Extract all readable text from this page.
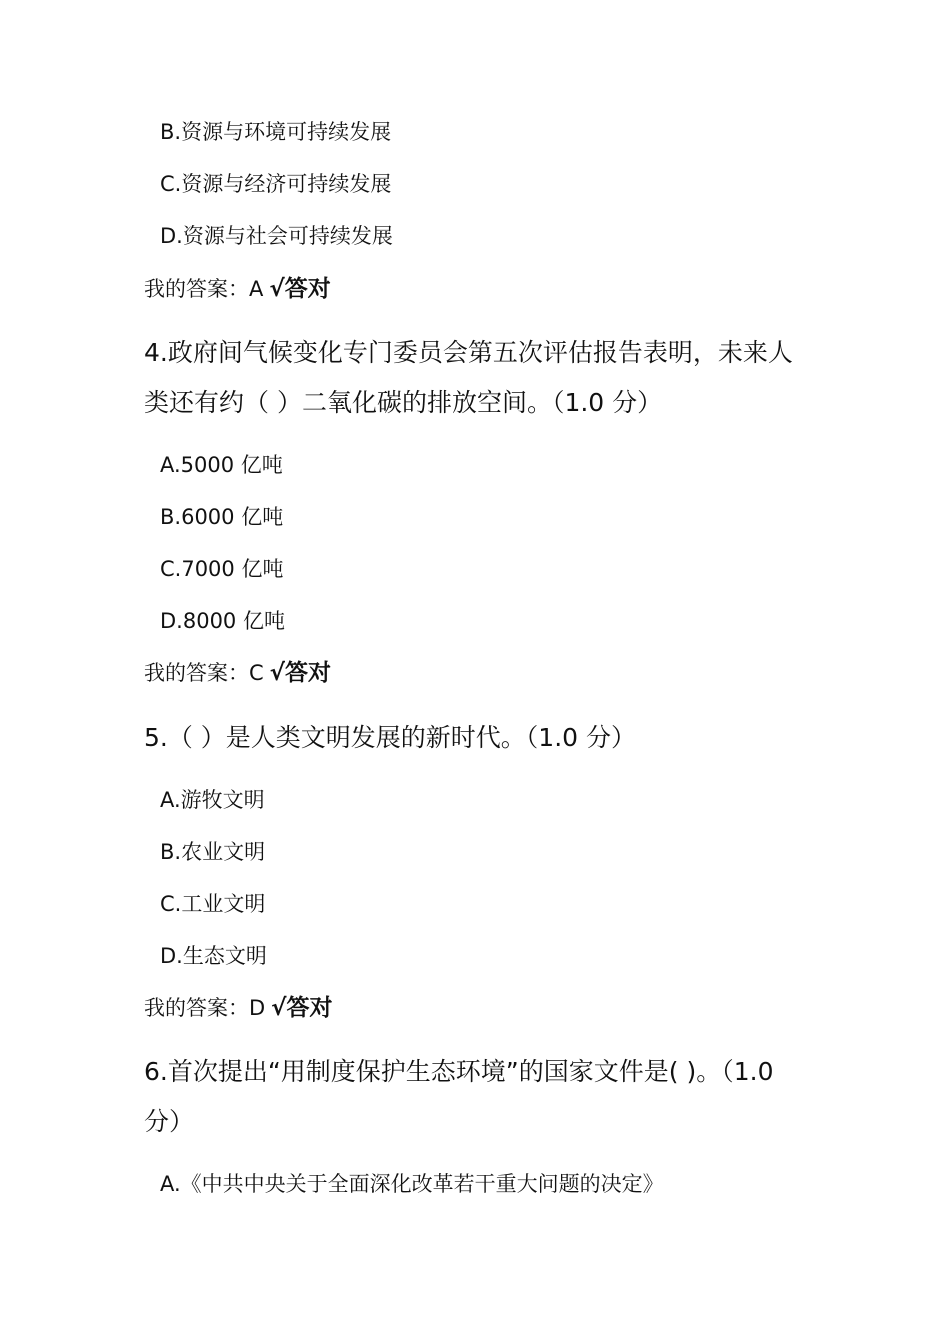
B.资源与环境可持续发展
C.资源与经济可持续发展
D.资源与社会可持续发展
我的答案：A √答对
4.政府间气候变化专门委员会第五次评估报告表明，未来人
类还有约（ ）二氧化碳的排放空间。（1.0 分）
A.5000 亿吨
B.6000 亿吨
C.7000 亿吨
D.8000 亿吨
我的答案：C √答对
5.（ ）是人类文明发展的新时代。（1.0 分）
A.游牧文明
B.农业文明
C.工业文明
D.生态文明
我的答案：D √答对
6.首次提出“用制度保护生态环境”的国家文件是( )。（1.0
分）
A.《中共中央关于全面深化改革若干重大问题的决定》
